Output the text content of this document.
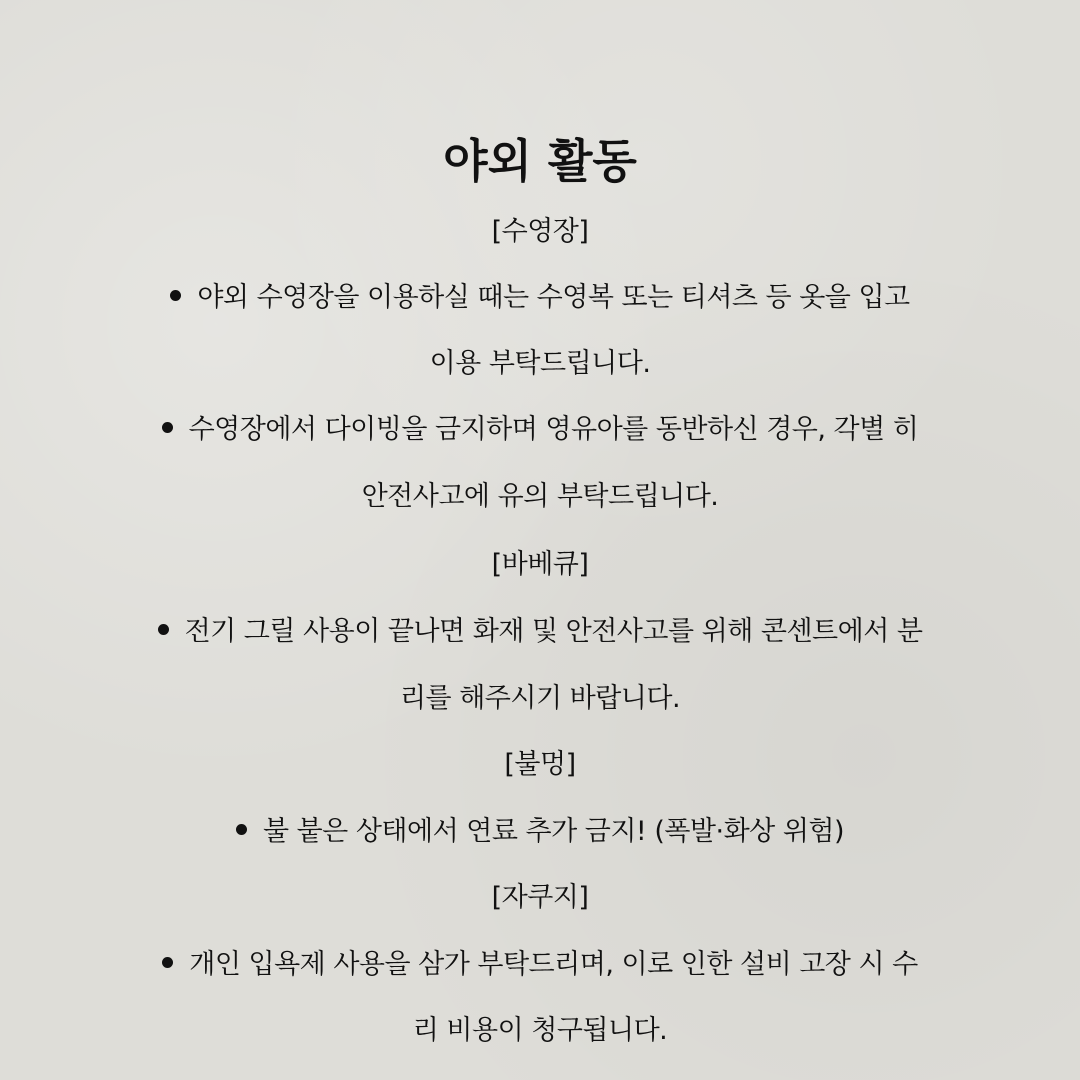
야외 활동
[수영장]
야외 수영장을 이용하실 때는 수영복 또는 티셔츠 등 옷을 입고
이용 부탁드립니다.
수영장에서 다이빙을 금지하며 영유아를 동반하신 경우, 각별 히
안전사고에 유의 부탁드립니다.
[바베큐]
전기 그릴 사용이 끝나면 화재 및 안전사고를 위해 콘센트에서 분
리를 해주시기 바랍니다.
[불멍]
불 붙은 상태에서 연료 추가 금지! (폭발·화상 위험)
[자쿠지]
개인 입욕제 사용을 삼가 부탁드리며, 이로 인한 설비 고장 시 수
리 비용이 청구됩니다.
